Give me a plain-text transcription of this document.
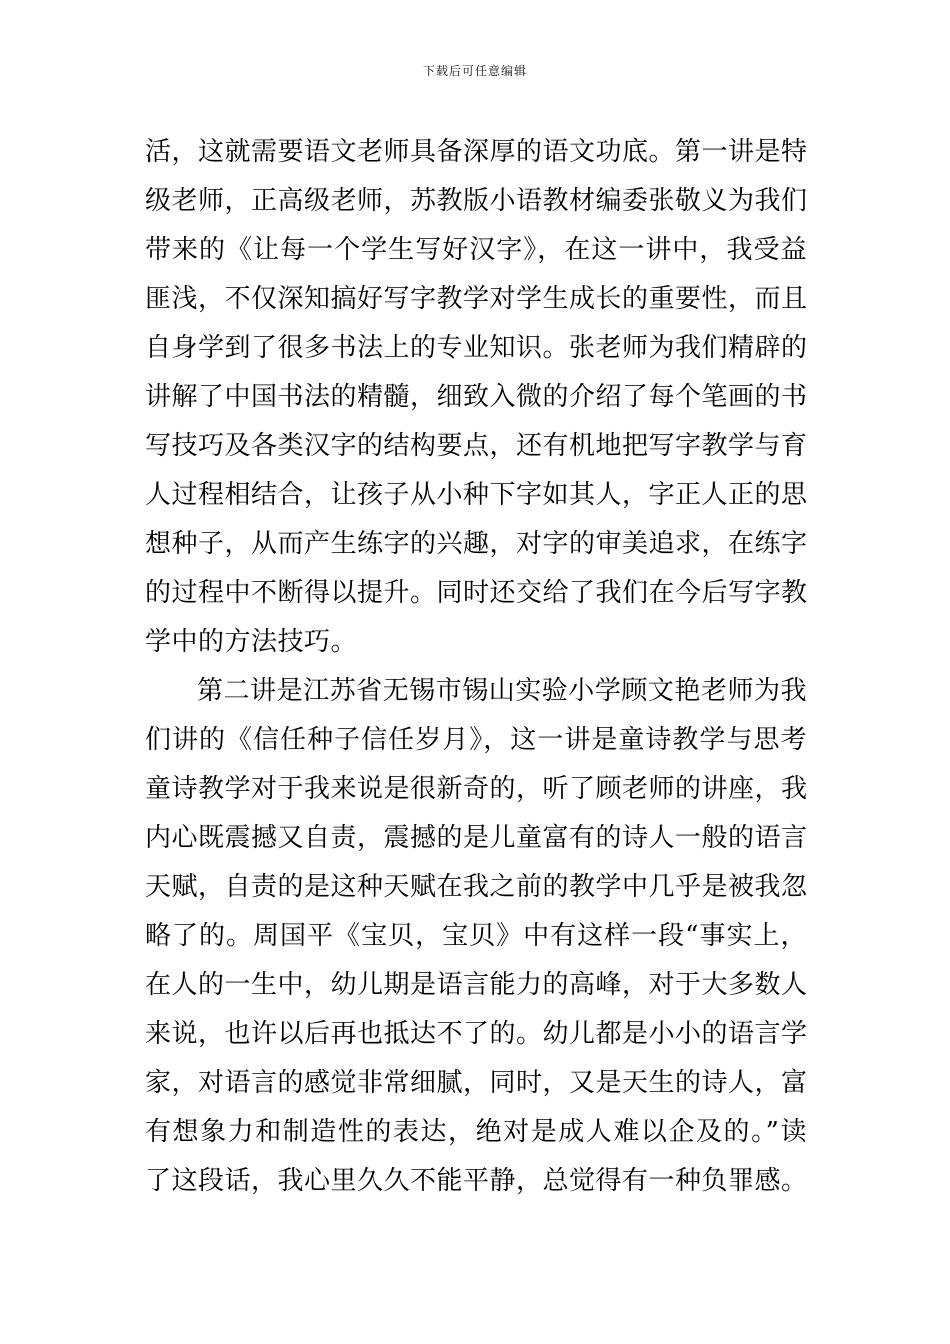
下载后可任意编辑
活，这就需要语文老师具备深厚的语文功底。第一讲是特
级老师，正高级老师，苏教版小语教材编委张敬义为我们
带来的《让每一个学生写好汉字》，在这一讲中，我受益
匪浅，不仅深知搞好写字教学对学生成长的重要性，而且
自身学到了很多书法上的专业知识。张老师为我们精辟的
讲解了中国书法的精髓，细致入微的介绍了每个笔画的书
写技巧及各类汉字的结构要点，还有机地把写字教学与育
人过程相结合，让孩子从小种下字如其人，字正人正的思
想种子，从而产生练字的兴趣，对字的审美追求，在练字
的过程中不断得以提升。同时还交给了我们在今后写字教
学中的方法技巧。
第二讲是江苏省无锡市锡山实验小学顾文艳老师为我
们讲的《信任种子信任岁月》，这一讲是童诗教学与思考
童诗教学对于我来说是很新奇的，听了顾老师的讲座，我
内心既震撼又自责，震撼的是儿童富有的诗人一般的语言
天赋，自责的是这种天赋在我之前的教学中几乎是被我忽
略了的。周国平《宝贝，宝贝》中有这样一段“事实上，
在人的一生中，幼儿期是语言能力的高峰，对于大多数人
来说，也许以后再也抵达不了的。幼儿都是小小的语言学
家，对语言的感觉非常细腻，同时，又是天生的诗人，富
有想象力和制造性的表达，绝对是成人难以企及的。”读
了这段话，我心里久久不能平静，总觉得有一种负罪感。
